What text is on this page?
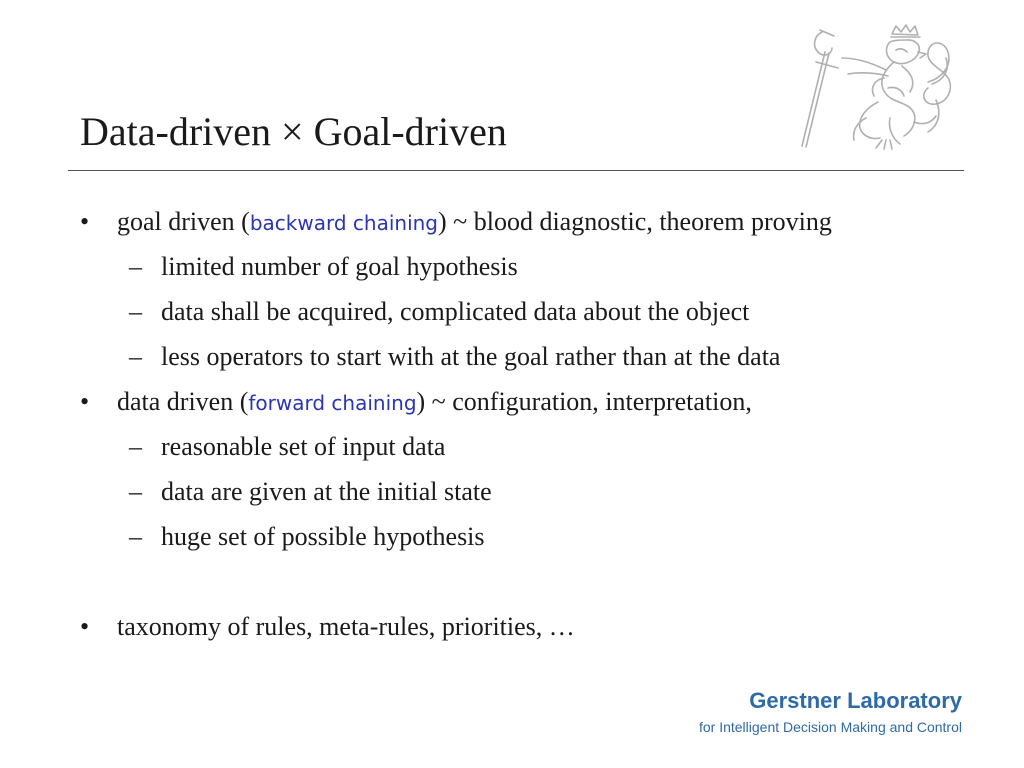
Data-driven × Goal-driven
• goal driven (backward chaining) ~ blood diagnostic, theorem proving
– limited number of goal hypothesis
– data shall be acquired, complicated data about the object
– less operators to start with at the goal rather than at the data
• data driven (forward chaining) ~ configuration, interpretation,
– reasonable set of input data
– data are given at the initial state
– huge set of possible hypothesis
• taxonomy of rules, meta-rules, priorities, …
Gerstner Laboratory
for Intelligent Decision Making and Control
